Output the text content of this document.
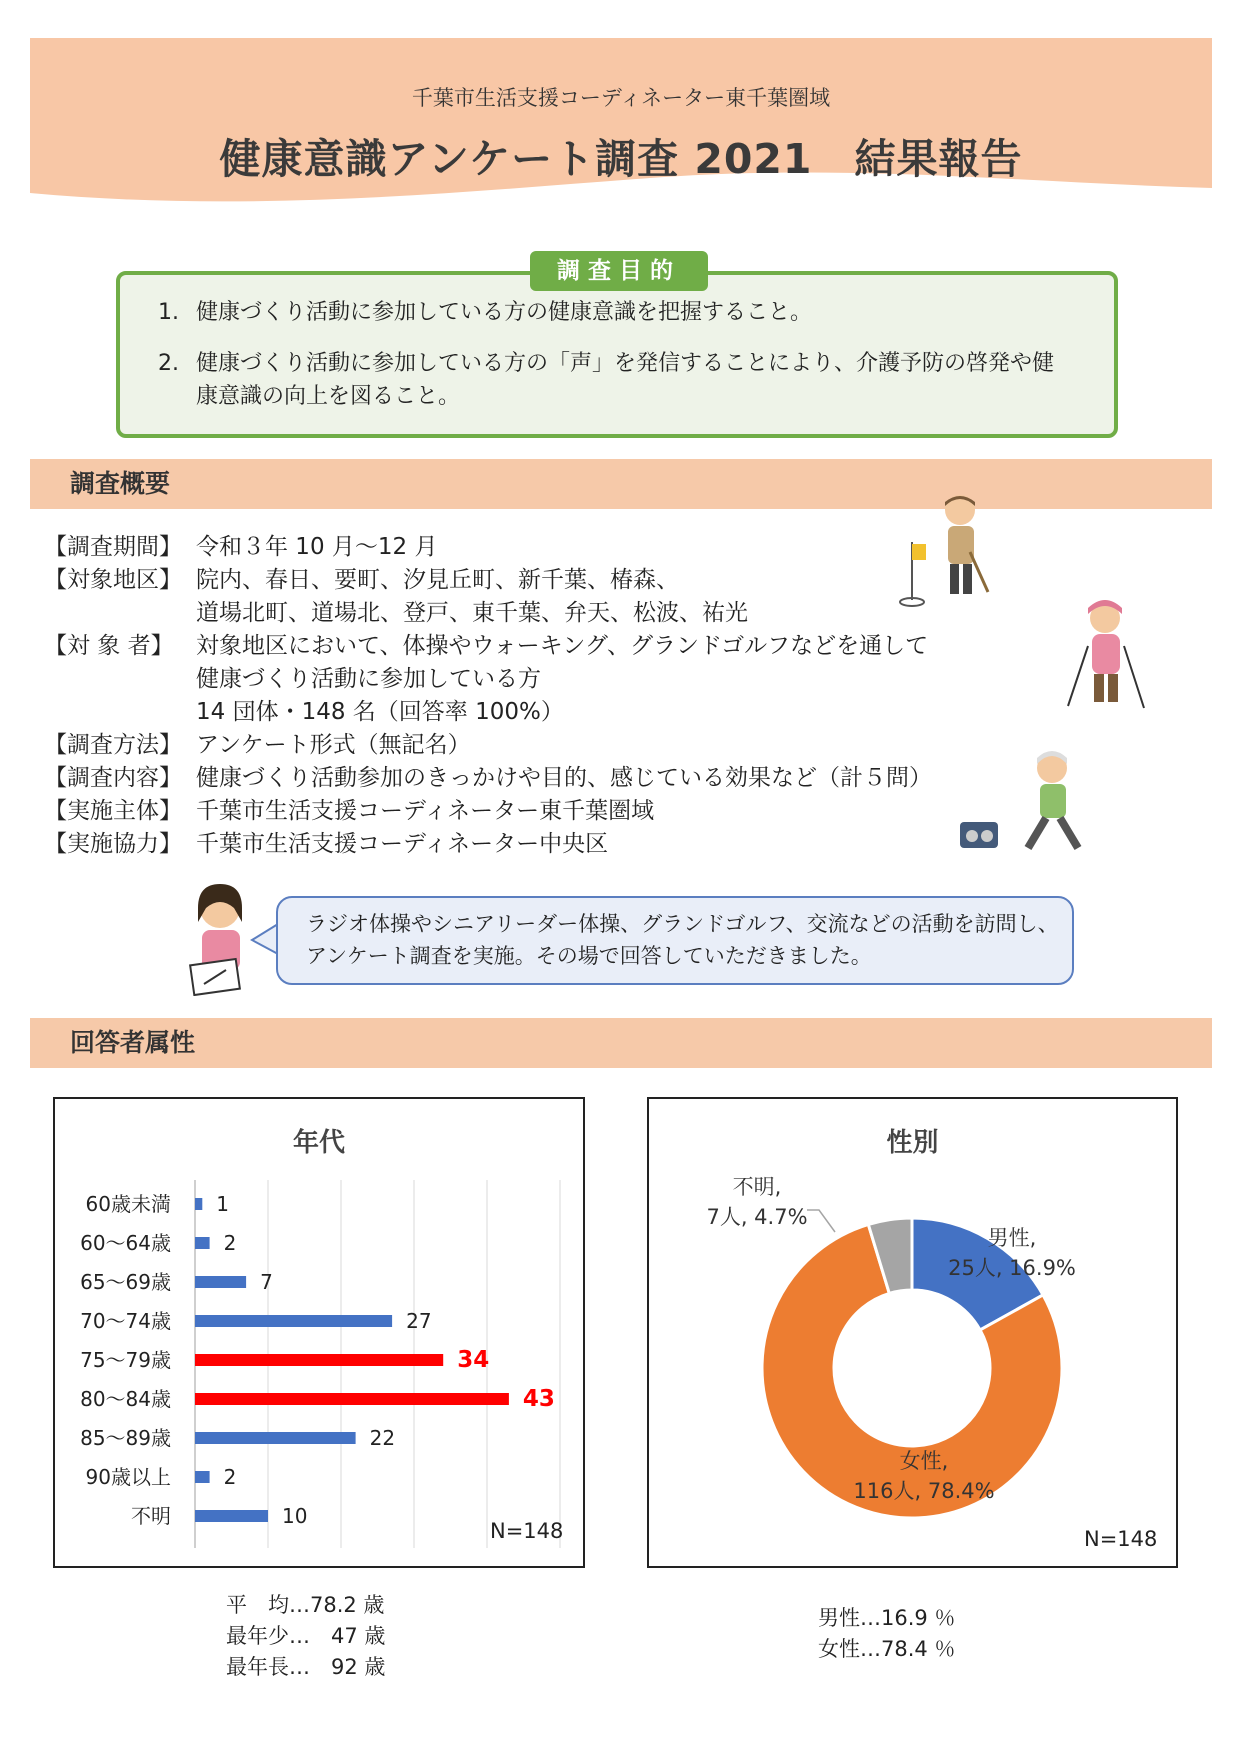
千葉市生活支援コーディネーター東千葉圏域
健康意識アンケート調査 2021　結果報告
調査目的
1. 健康づくり活動に参加している方の健康意識を把握すること。
2. 健康づくり活動に参加している方の「声」を発信することにより、介護予防の啓発や健康意識の向上を図ること。
調査概要
【調査期間】 令和３年 10 月～12 月
【対象地区】 院内、春日、要町、汐見丘町、新千葉、椿森、
道場北町、道場北、登戸、東千葉、弁天、松波、祐光
【対 象 者】 対象地区において、体操やウォーキング、グランドゴルフなどを通して
健康づくり活動に参加している方
14 団体・148 名（回答率 100%）
【調査方法】 アンケート形式（無記名）
【調査内容】 健康づくり活動参加のきっかけや目的、感じている効果など（計５問）
【実施主体】 千葉市生活支援コーディネーター東千葉圏域
【実施協力】 千葉市生活支援コーディネーター中央区
ラジオ体操やシニアリーダー体操、グランドゴルフ、交流などの活動を訪問し、アンケート調査を実施。その場で回答していただきました。
回答者属性
年代
60歳未満 1
60～64歳	2
65～69歳	7
70～74歳	27
75～79歳	34
80～84歳	43
85～89歳	22
90歳以上	2
不明	10
N=148
性別
男性,
25人, 16.9%
女性,
116人, 78.4%
不明,
7人, 4.7%
N=148
平　均…78.2 歳
最年少…　47 歳
最年長…　92 歳
男性…16.9 ％
女性…78.4 ％
